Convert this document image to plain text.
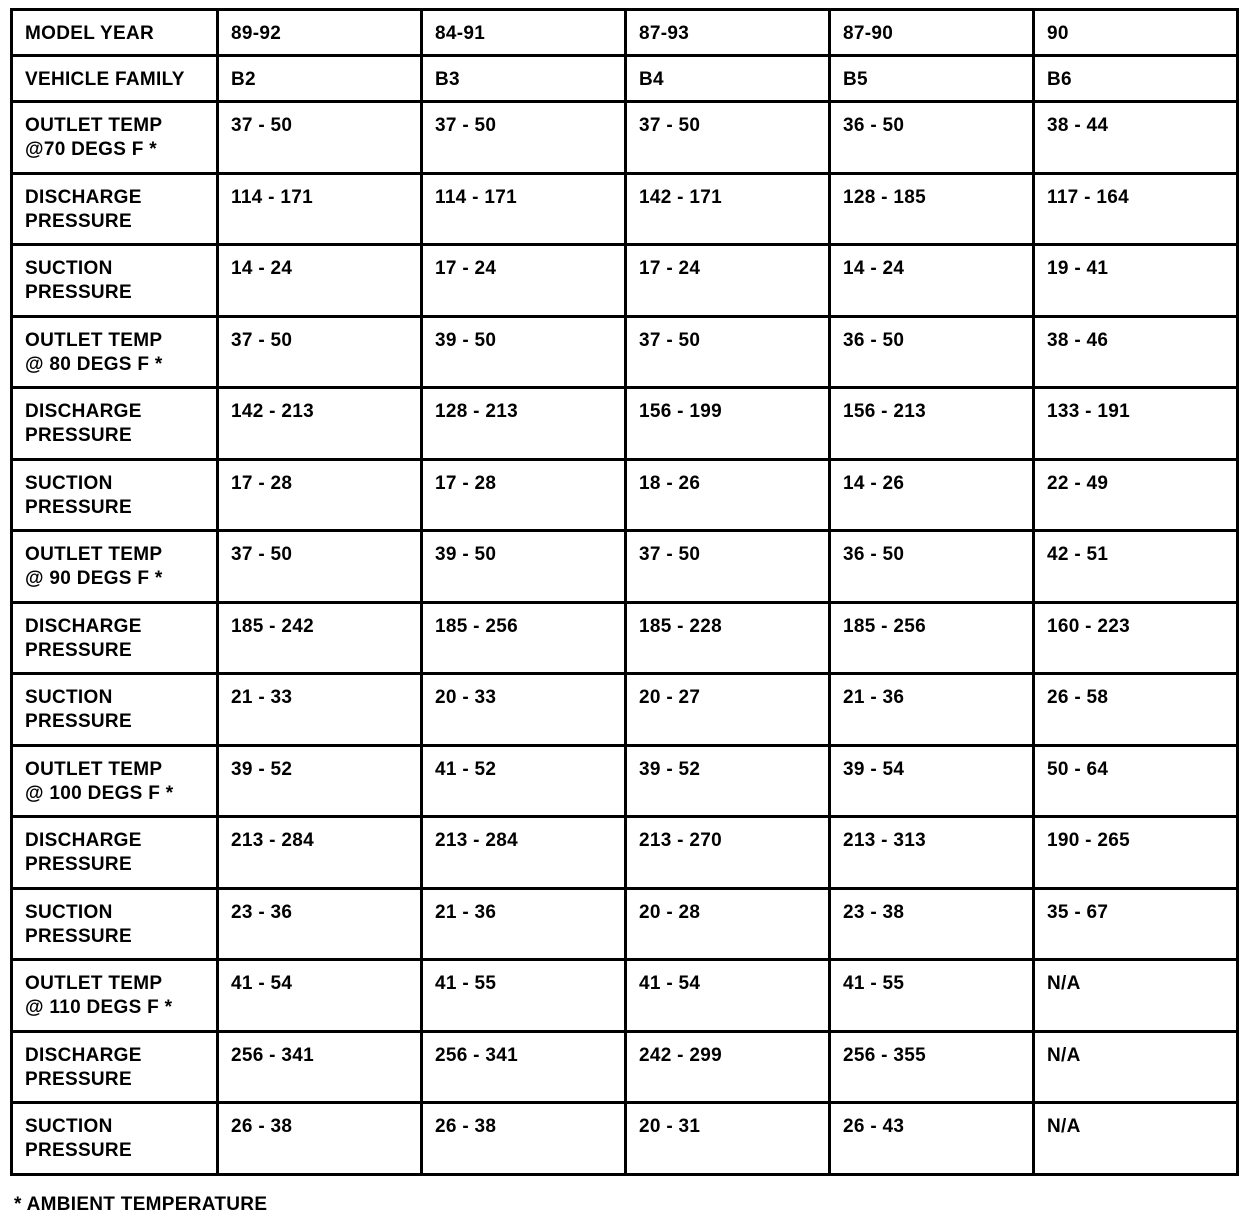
MODEL YEAR	89-92	84-91	87-93	87-90	90
VEHICLE FAMILY	B2	B3	B4	B5	B6

OUTLET TEMP
@70 DEGS F *	37 - 50	37 - 50	37 - 50	36 - 50	38 - 44

DISCHARGE
PRESSURE	114 - 171	114 - 171	142 - 171	128 - 185	117 - 164

SUCTION
PRESSURE	14 - 24	17 - 24	17 - 24	14 - 24	19 - 41

OUTLET TEMP
@ 80 DEGS F *	37 - 50	39 - 50	37 - 50	36 - 50	38 - 46

DISCHARGE
PRESSURE	142 - 213	128 - 213	156 - 199	156 - 213	133 - 191

SUCTION
PRESSURE	17 - 28	17 - 28	18 - 26	14 - 26	22 - 49

OUTLET TEMP
@ 90 DEGS F *	37 - 50	39 - 50	37 - 50	36 - 50	42 - 51

DISCHARGE
PRESSURE	185 - 242	185 - 256	185 - 228	185 - 256	160 - 223

SUCTION
PRESSURE	21 - 33	20 - 33	20 - 27	21 - 36	26 - 58

OUTLET TEMP
@ 100 DEGS F *	39 - 52	41 - 52	39 - 52	39 - 54	50 - 64

DISCHARGE
PRESSURE	213 - 284	213 - 284	213 - 270	213 - 313	190 - 265

SUCTION
PRESSURE	23 - 36	21 - 36	20 - 28	23 - 38	35 - 67

OUTLET TEMP
@ 110 DEGS F *	41 - 54	41 - 55	41 - 54	41 - 55	N/A

DISCHARGE
PRESSURE	256 - 341	256 - 341	242 - 299	256 - 355	N/A

SUCTION
PRESSURE	26 - 38	26 - 38	20 - 31	26 - 43	N/A
* AMBIENT TEMPERATURE
